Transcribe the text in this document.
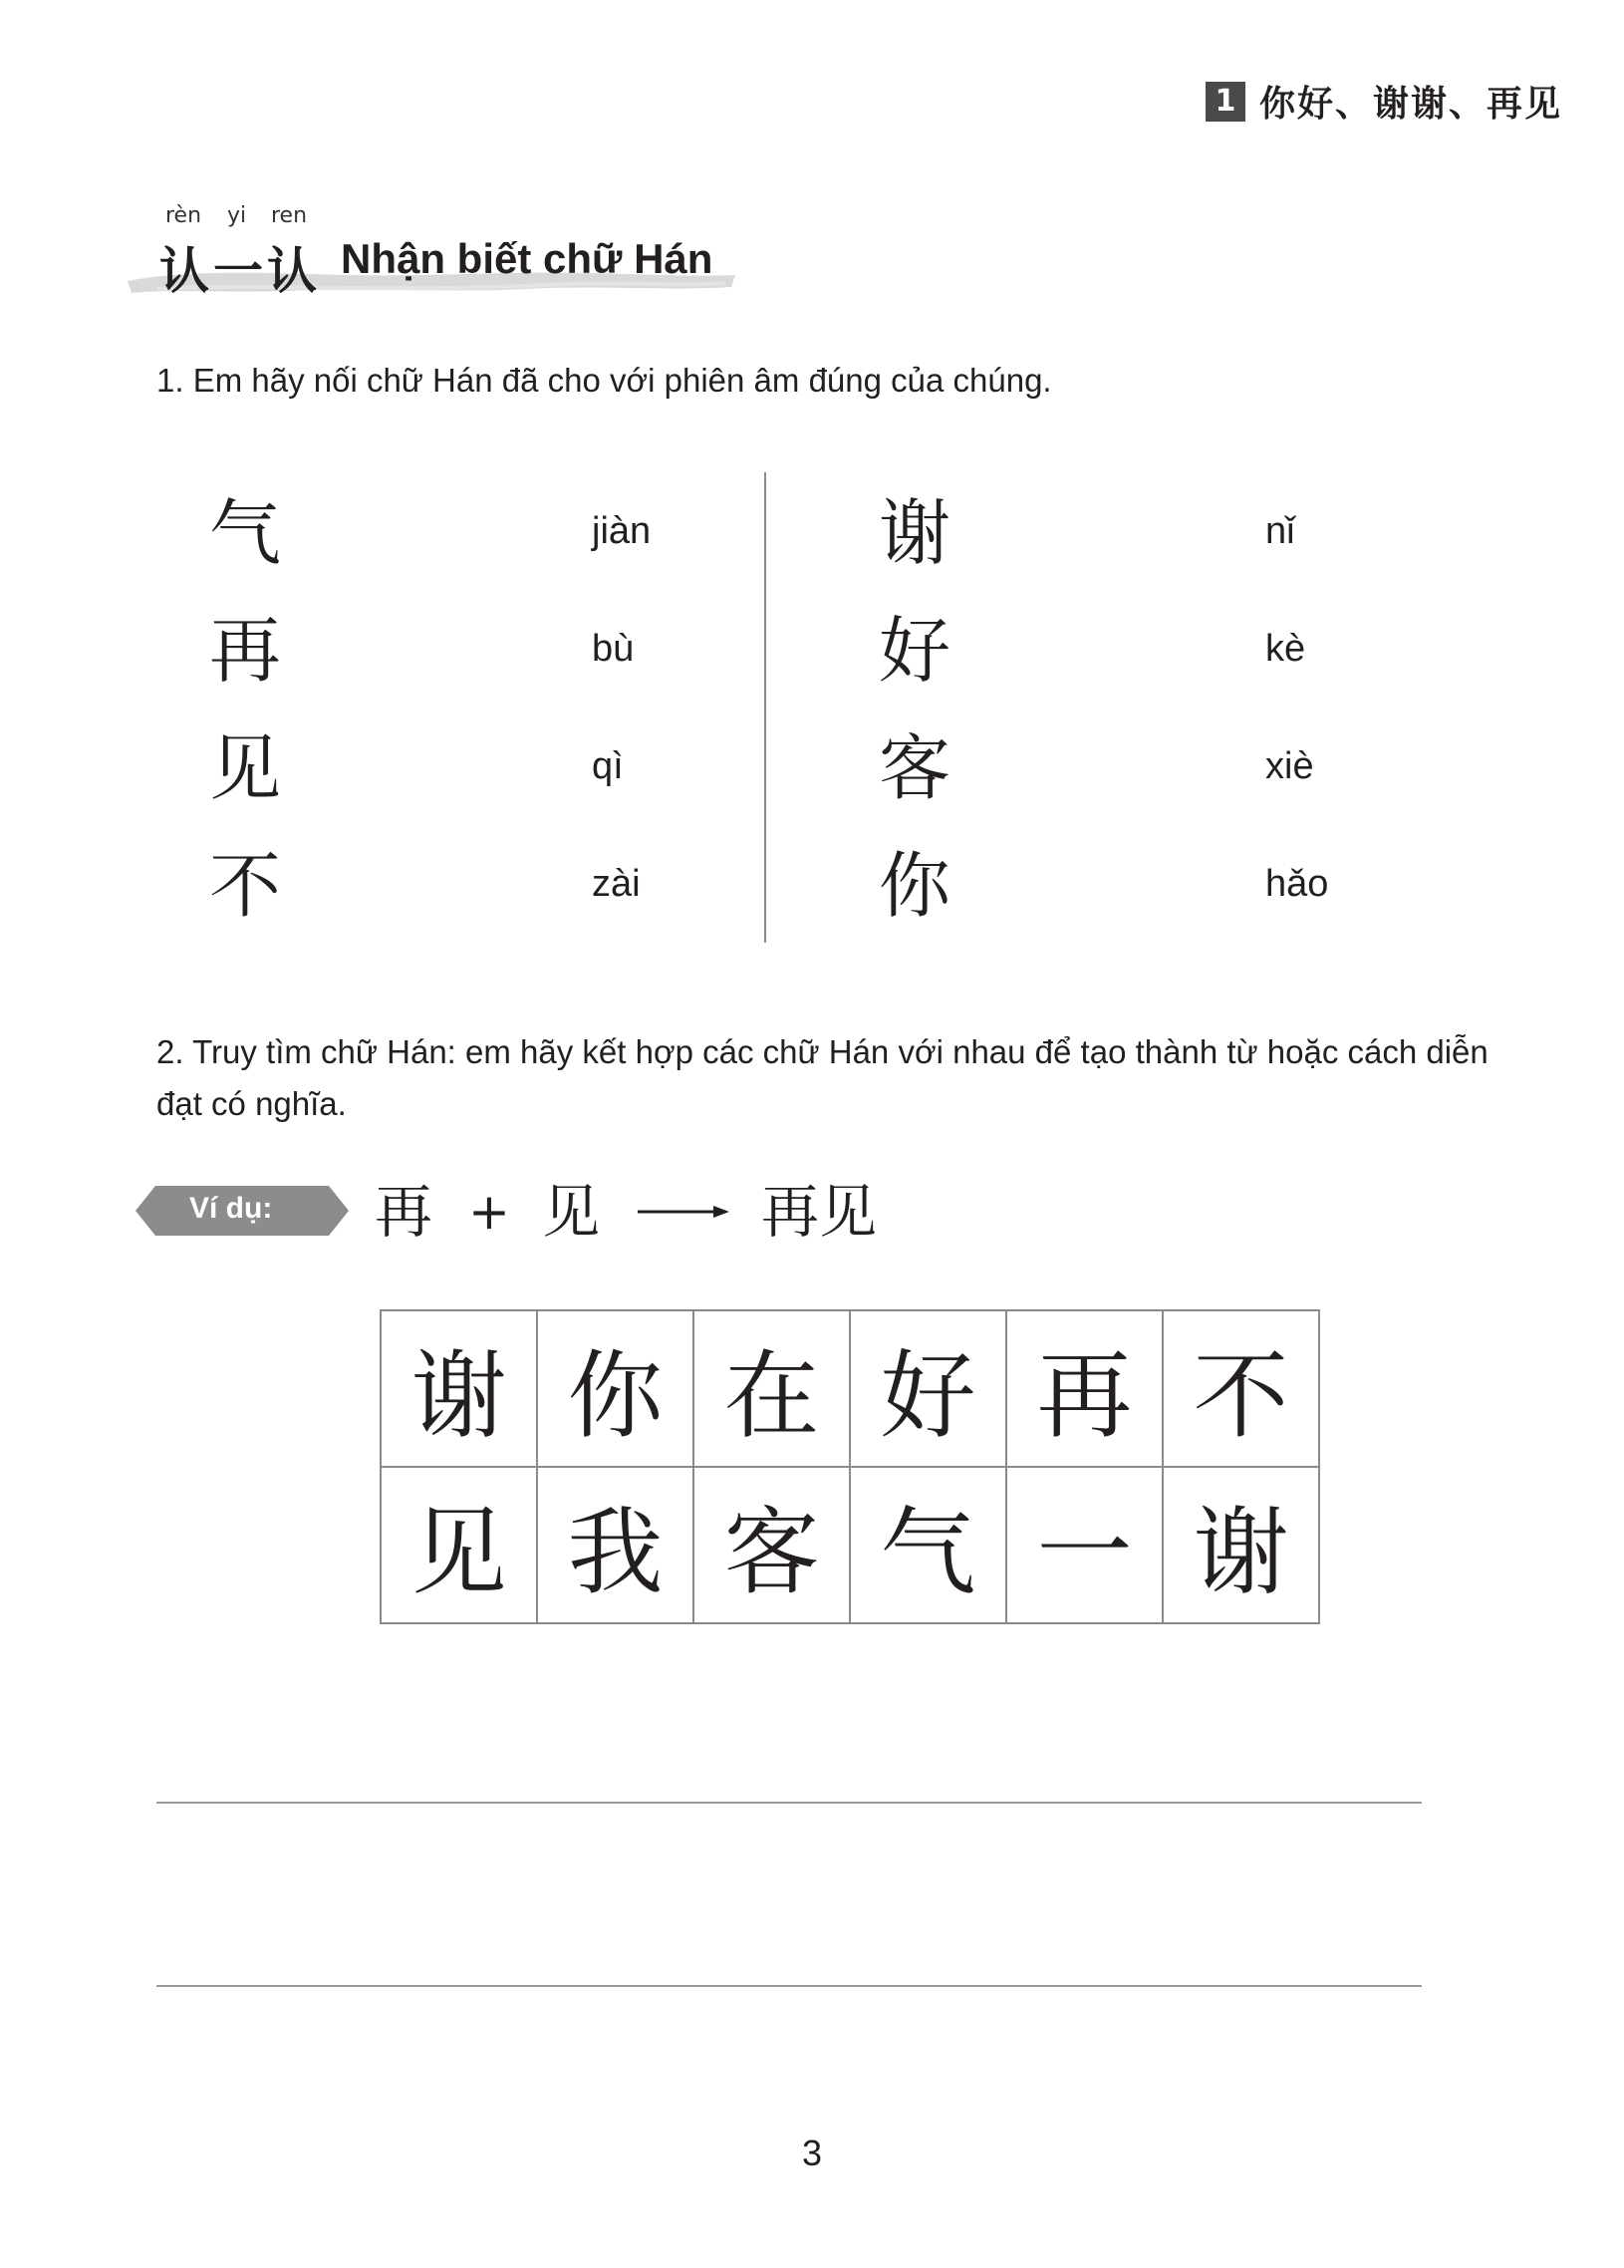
1 你好、谢谢、再见
rèn yi ren
认一认 Nhận biết chữ Hán
1. Em hãy nối chữ Hán đã cho với phiên âm đúng của chúng.
气
再
见
不
jiàn
bù
qì
zài
谢
好
客
你
nǐ
kè
xiè
hǎo
2. Truy tìm chữ Hán: em hãy kết hợp các chữ Hán với nhau để tạo thành từ hoặc cách diễn đạt có nghĩa.
Ví dụ: 再 + 见	再见
谢 你 在 好 再 不
见 我 客 气 一 谢
3
